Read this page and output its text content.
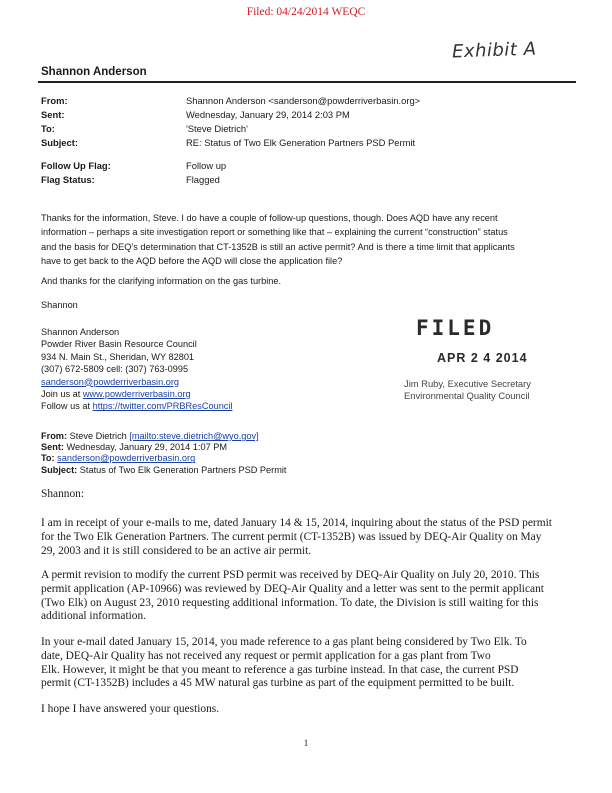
Filed: 04/24/2014 WEQC
Exhibit A
Shannon Anderson
From:	Shannon Anderson <sanderson@powderriverbasin.org>
Sent:	Wednesday, January 29, 2014 2:03 PM
To:	'Steve Dietrich'
Subject:	RE: Status of Two Elk Generation Partners PSD Permit
Follow Up Flag:	Follow up
Flag Status:	Flagged
Thanks for the information, Steve. I do have a couple of follow-up questions, though. Does AQD have any recent
information – perhaps a site investigation report or something like that – explaining the current “construction” status
and the basis for DEQ’s determination that CT-1352B is still an active permit? And is there a time limit that applicants
have to get back to the AQD before the AQD will close the application file?
And thanks for the clarifying information on the gas turbine.
Shannon
Shannon Anderson
Powder River Basin Resource Council
934 N. Main St., Sheridan, WY 82801
(307) 672-5809 cell: (307) 763-0995
sanderson@powderriverbasin.org
Join us at www.powderriverbasin.org
Follow us at https://twitter.com/PRBResCouncil
FILED
APR 2 4 2014
Jim Ruby, Executive Secretary
Environmental Quality Council
From: Steve Dietrich [mailto:steve.dietrich@wyo.gov]
Sent: Wednesday, January 29, 2014 1:07 PM
To: sanderson@powderriverbasin.org
Subject: Status of Two Elk Generation Partners PSD Permit
Shannon:
I am in receipt of your e-mails to me, dated January 14 & 15, 2014, inquiring about the status of the PSD permit
for the Two Elk Generation Partners. The current permit (CT-1352B) was issued by DEQ-Air Quality on May
29, 2003 and it is still considered to be an active air permit.
A permit revision to modify the current PSD permit was received by DEQ-Air Quality on July 20, 2010. This
permit application (AP-10966) was reviewed by DEQ-Air Quality and a letter was sent to the permit applicant
(Two Elk) on August 23, 2010 requesting additional information. To date, the Division is still waiting for this
additional information.
In your e-mail dated January 15, 2014, you made reference to a gas plant being considered by Two Elk. To
date, DEQ-Air Quality has not received any request or permit application for a gas plant from Two
Elk. However, it might be that you meant to reference a gas turbine instead. In that case, the current PSD
permit (CT-1352B) includes a 45 MW natural gas turbine as part of the equipment permitted to be built.
I hope I have answered your questions.
1
